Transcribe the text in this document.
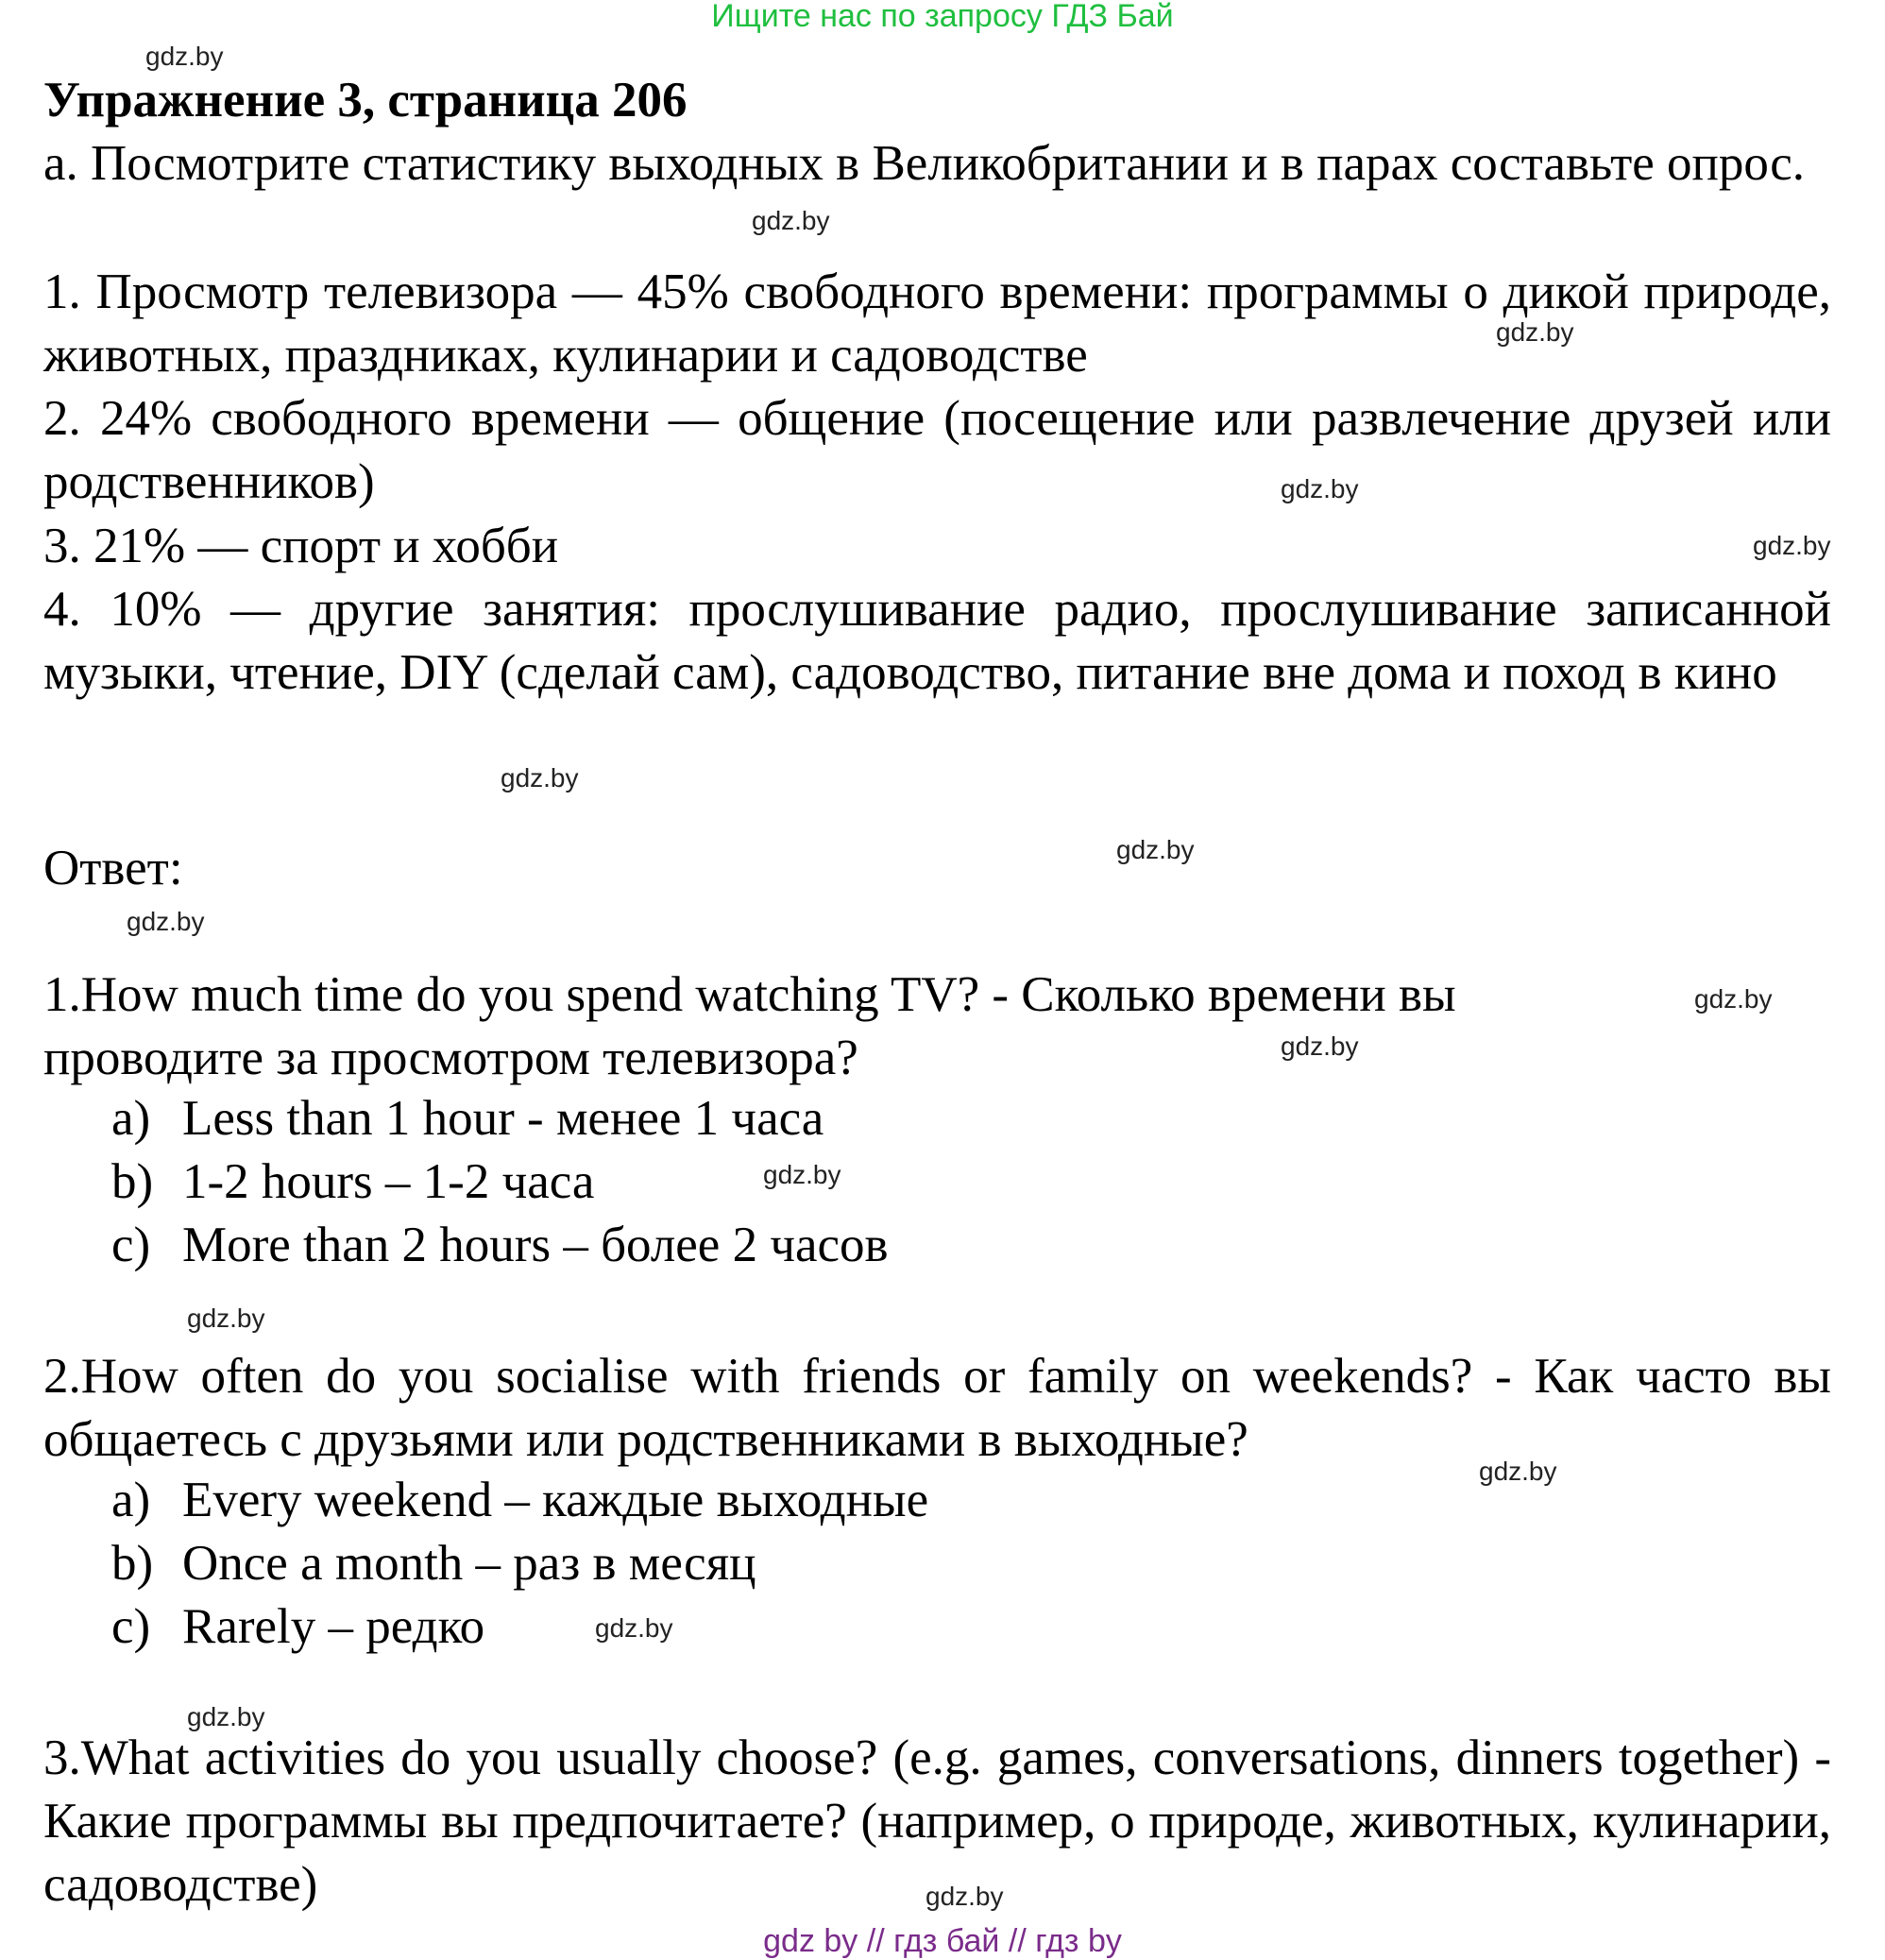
Ищите нас по запросу ГДЗ Бай

Упражнение 3, страница 206

a. Посмотрите статистику выходных в Великобритании и в парах составьте опрос.

1. Просмотр телевизора — 45% свободного времени: программы о дикой природе, животных, праздниках, кулинарии и садоводстве

2. 24% свободного времени — общение (посещение или развлечение друзей или родственников)

3. 21% — спорт и хобби

4. 10% — другие занятия: прослушивание радио, прослушивание записанной музыки, чтение, DIY (сделай сам), садоводство, питание вне дома и поход в кино

Ответ:

1.How much time do you spend watching TV? - Сколько времени вы проводите за просмотром телевизора?

a) Less than 1 hour - менее 1 часа

b) 1-2 hours – 1-2 часа

c) More than 2 hours – более 2 часов

2.How often do you socialise with friends or family on weekends? - Как часто вы общаетесь с друзьями или родственниками в выходные?

a) Every weekend – каждые выходные

b) Once a month – раз в месяц

c) Rarely – редко

3.What activities do you usually choose? (e.g. games, conversations, dinners together) - Какие программы вы предпочитаете? (например, о природе, животных, кулинарии, садоводстве)

gdz.by
gdz.by
gdz.by
gdz.by
gdz.by
gdz.by
gdz.by
gdz.by
gdz.by
gdz.by
gdz.by
gdz.by
gdz.by
gdz.by
gdz.by
gdz.by

gdz by // гдз бай // гдз by
